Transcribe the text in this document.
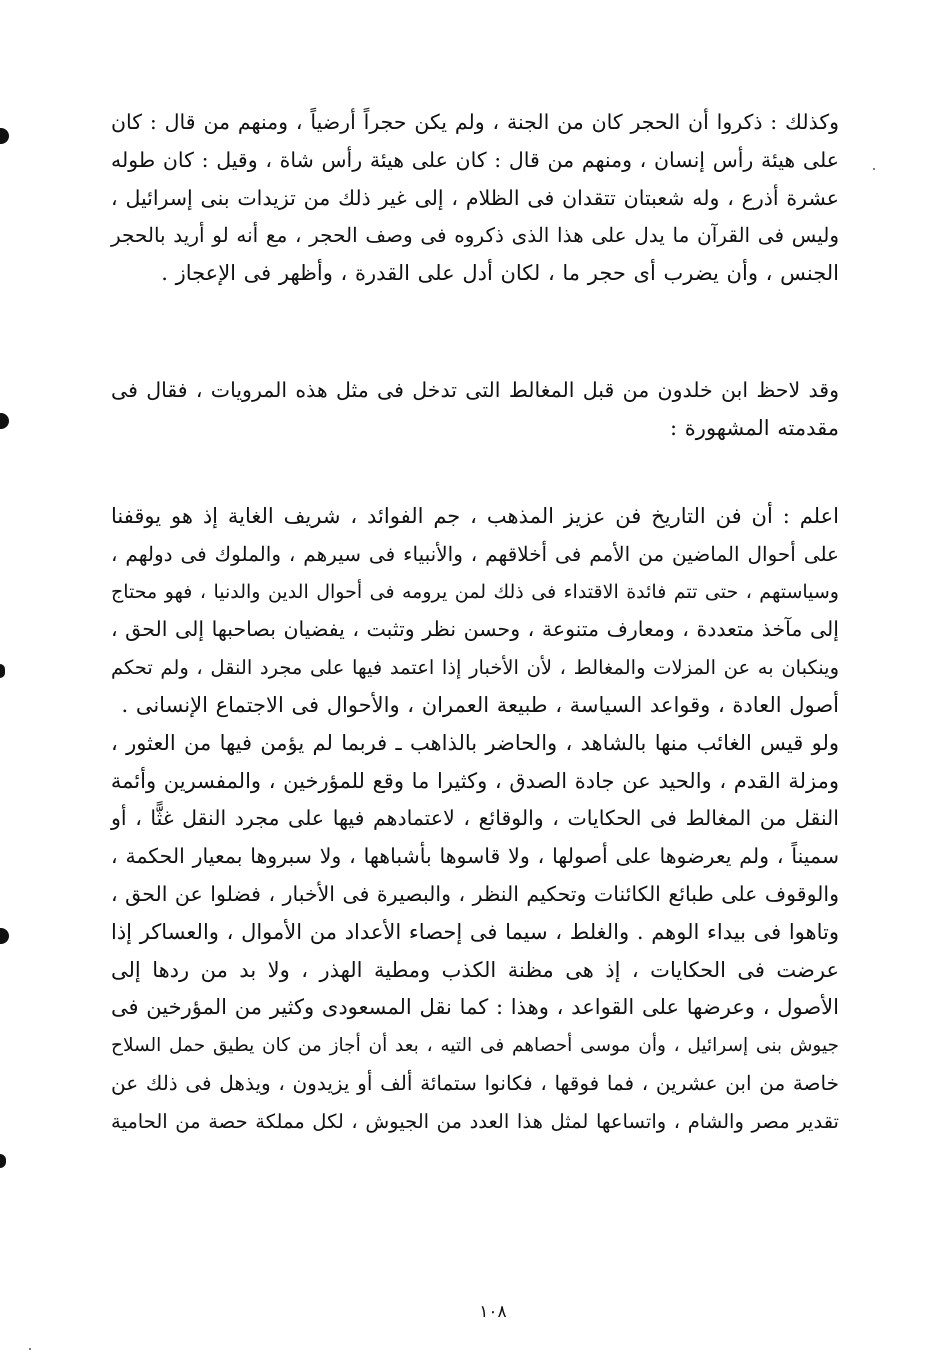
وكذلك : ذكروا أن الحجر كان من الجنة ، ولم يكن حجراً أرضياً ، ومنهم من قال : كان
على هيئة رأس إنسان ، ومنهم من قال : كان على هيئة رأس شاة ، وقيل : كان طوله
عشرة أذرع ، وله شعبتان تتقدان فى الظلام ، إلى غير ذلك من تزيدات بنى إسرائيل ،
وليس فى القرآن ما يدل على هذا الذى ذكروه فى وصف الحجر ، مع أنه لو أريد بالحجر
الجنس ، وأن يضرب أى حجر ما ، لكان أدل على القدرة ، وأظهر فى الإعجاز .
وقد لاحظ ابن خلدون من قبل المغالط التى تدخل فى مثل هذه المرويات ، فقال فى
مقدمته المشهورة :
اعلم : أن فن التاريخ فن عزيز المذهب ، جم الفوائد ، شريف الغاية إذ هو يوقفنا
على أحوال الماضين من الأمم فى أخلاقهم ، والأنبياء فى سيرهم ، والملوك فى دولهم ،
وسياستهم ، حتى تتم فائدة الاقتداء فى ذلك لمن يرومه فى أحوال الدين والدنيا ، فهو محتاج
إلى مآخذ متعددة ، ومعارف متنوعة ، وحسن نظر وتثبت ، يفضيان بصاحبها إلى الحق ،
وينكبان به عن المزلات والمغالط ، لأن الأخبار إذا اعتمد فيها على مجرد النقل ، ولم تحكم
أصول العادة ، وقواعد السياسة ، طبيعة العمران ، والأحوال فى الاجتماع الإنسانى .
ولو قيس الغائب منها بالشاهد ، والحاضر بالذاهب ـ فربما لم يؤمن فيها من العثور ،
ومزلة القدم ، والحيد عن جادة الصدق ، وكثيرا ما وقع للمؤرخين ، والمفسرين وأئمة
النقل من المغالط فى الحكايات ، والوقائع ، لاعتمادهم فيها على مجرد النقل غثًّا ، أو
سميناً ، ولم يعرضوها على أصولها ، ولا قاسوها بأشباهها ، ولا سبروها بمعيار الحكمة ،
والوقوف على طبائع الكائنات وتحكيم النظر ، والبصيرة فى الأخبار ، فضلوا عن الحق ،
وتاهوا فى بيداء الوهم . والغلط ، سيما فى إحصاء الأعداد من الأموال ، والعساكر إذا
عرضت فى الحكايات ، إذ هى مظنة الكذب ومطية الهذر ، ولا بد من ردها إلى
الأصول ، وعرضها على القواعد ، وهذا : كما نقل المسعودى وكثير من المؤرخين فى
جيوش بنى إسرائيل ، وأن موسى أحصاهم فى التيه ، بعد أن أجاز من كان يطيق حمل السلاح
خاصة من ابن عشرين ، فما فوقها ، فكانوا ستمائة ألف أو يزيدون ، ويذهل فى ذلك عن
تقدير مصر والشام ، واتساعها لمثل هذا العدد من الجيوش ، لكل مملكة حصة من الحامية
١٠٨
